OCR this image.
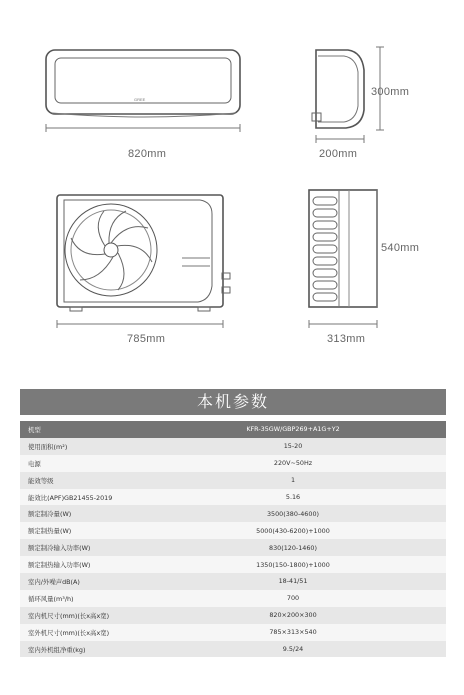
GREE
820mm	200mm
300mm
785mm	313mm
540mm
本机参数
机型	KFR-35GW/GBP269+A1G+Y2
使用面积(m²)	15-20
电源	220V~50Hz
能效等级	1
能效比(APF)GB21455-2019	5.16
额定制冷量(W)	3500(380-4600)
额定制热量(W)	5000(430-6200)+1000
额定制冷输入功率(W)	830(120-1460)
额定制热输入功率(W)	1350(150-1800)+1000
室内/外噪声dB(A)	18-41/51
循环风量(m³/h)	700
室内机尺寸(mm)(长x高x宽)	820×200×300
室外机尺寸(mm)(长x高x宽)	785×313×540
室内外机组净重(kg)	9.5/24
